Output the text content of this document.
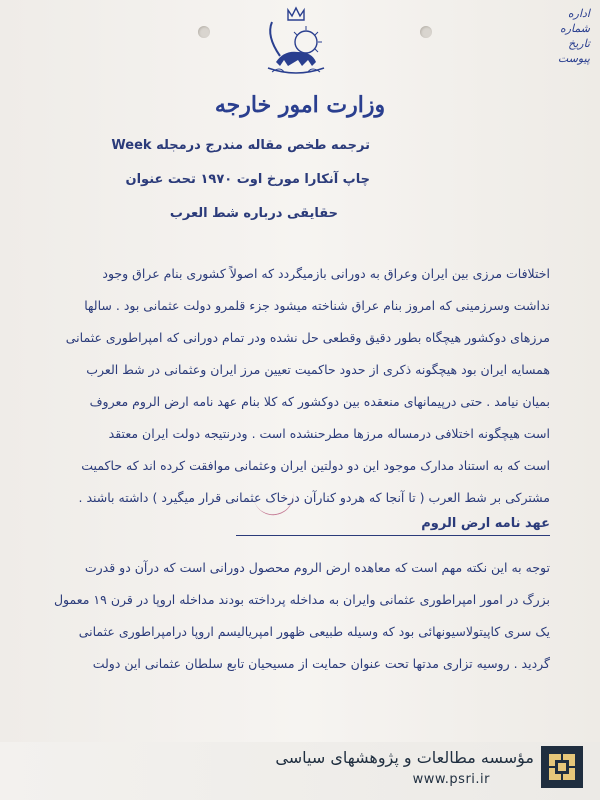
اداره
شماره
تاریخ
پیوست
وزارت امور خارجه
ترجمه طخص مقاله مندرج درمجله Week
چاپ آنکارا مورخ اوت ۱۹۷۰ تحت عنوان
حقایقی درباره شط العرب
اختلافات مرزی بین ایران وعراق به دورانی بازمیگردد که اصولاً کشوری بنام عراق وجود
نداشت وسرزمینی که امروز بنام عراق شناخته میشود جزء قلمرو دولت عثمانی بود . سالها
مرزهای دوکشور هیچگاه بطور دقیق وقطعی حل نشده ودر تمام دورانی که امپراطوری عثمانی
همسایه ایران بود هیچگونه ذکری از حدود حاکمیت تعیین مرز ایران وعثمانی در شط العرب
بمیان نیامد . حتی درپیمانهای منعقده بین دوکشور که کلا بنام عهد نامه ارض الروم معروف
است هیچگونه اختلافی درمساله مرزها مطرحنشده است . ودرنتیجه دولت ایران معتقد
است که به استناد مدارک موجود این دو دولتین ایران وعثمانی موافقت کرده اند که حاکمیت
مشترکی بر شط العرب ( تا آنجا که هردو کنارآن درخاک عثمانی قرار میگیرد ) داشته باشند .
عهد نامه ارض الروم
توجه به این نکته مهم است که معاهده ارض الروم محصول دورانی است که درآن دو قدرت
بزرگ در امور امپراطوری عثمانی وایران به مداخله پرداخته بودند مداخله اروپا در قرن ۱۹ معمول
یک سری کاپیتولاسیونهائی بود که وسیله طبیعی ظهور امپریالیسم اروپا درامپراطوری عثمانی
گردید . روسیه تزاری مدتها تحت عنوان حمایت از مسیحیان تابع سلطان عثمانی این دولت
مؤسسه مطالعات و پژوهشهای سیاسی
www.psri.ir
